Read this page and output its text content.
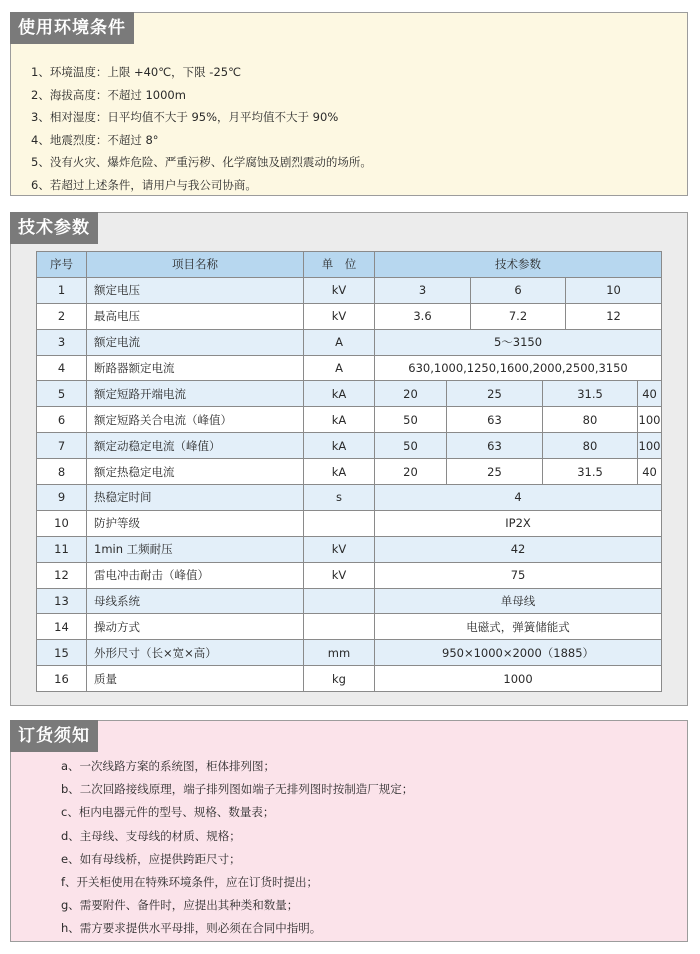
使用环境条件
1、环境温度：上限 +40℃，下限 -25℃
2、海拔高度：不超过 1000m
3、相对湿度：日平均值不大于 95%，月平均值不大于 90%
4、地震烈度：不超过 8°
5、没有火灾、爆炸危险、严重污秽、化学腐蚀及剧烈震动的场所。
6、若超过上述条件，请用户与我公司协商。
技术参数
序号	项目名称	单　位	技术参数					
1	额定电压	kV	3		6		10	
2	最高电压	kV	3.6		7.2		12	
3	额定电流	A	5～3150					
4	断路器额定电流	A	630,1000,1250,1600,2000,2500,3150					
5	额定短路开端电流	kA	20	25		31.5		40
6	额定短路关合电流（峰值）	kA	50	63		80		100
7	额定动稳定电流（峰值）	kA	50	63		80		100
8	额定热稳定电流	kA	20	25		31.5		40
9	热稳定时间	s	4					
10	防护等级		IP2X					
11	1min 工频耐压	kV	42					
12	雷电冲击耐击（峰值）	kV	75					
13	母线系统		单母线					
14	操动方式		电磁式，弹簧储能式					
15	外形尺寸（长×宽×高）	mm	950×1000×2000（1885）					
16	质量	kg	1000					
订货须知
a、一次线路方案的系统图，柜体排列图；
b、二次回路接线原理，端子排列图如端子无排列图时按制造厂规定；
c、柜内电器元件的型号、规格、数量表；
d、主母线、支母线的材质、规格；
e、如有母线桥，应提供跨距尺寸；
f、开关柜使用在特殊环境条件，应在订货时提出；
g、需要附件、备件时，应提出其种类和数量；
h、需方要求提供水平母排，则必须在合同中指明。
